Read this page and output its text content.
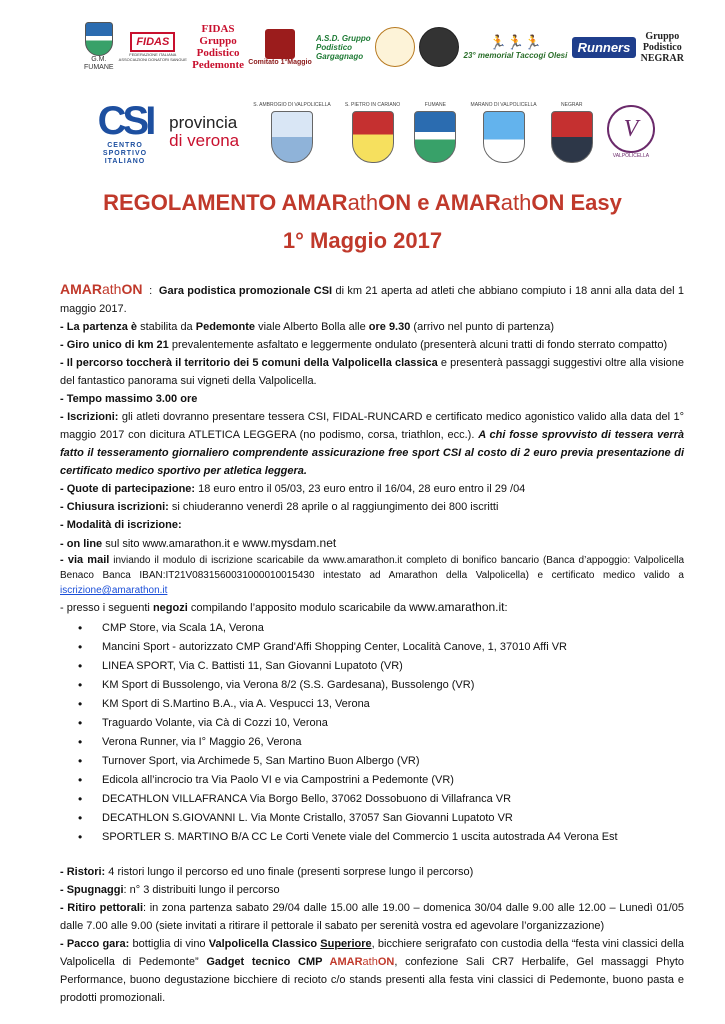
G.M.
FUMANE
FIDAS
FEDERAZIONE ITALIANA ASSOCIAZIONI DONATORI SANGUE
FIDAS
Gruppo
Podistico
Pedemonte Comitato 1°Maggio
A.S.D. Gruppo
Podistico
Gargagnago
🏃🏃🏃
23° memorial Taccogi Olesi
Runners
Gruppo
Podistico
NEGRAR
CSI
CENTRO
SPORTIVO
ITALIANO
provincia
di verona
S. AMBROGIO DI VALPOLICELLA	S. PIETRO IN CARIANO	FUMANE	MARANO DI VALPOLICELLA	NEGRAR
V
VALPOLICELLA
REGOLAMENTO AMARathON e AMARathON Easy
1° Maggio 2017

AMARathON  :  Gara podistica promozionale CSI di km 21 aperta ad atleti che abbiano compiuto i 18 anni alla data del 1 maggio 2017.

- La partenza è stabilita da Pedemonte viale Alberto Bolla alle ore 9.30 (arrivo nel punto di partenza)

- Giro unico di km 21 prevalentemente asfaltato e leggermente ondulato (presenterà alcuni tratti di fondo sterrato compatto)

- Il percorso toccherà il territorio dei 5 comuni della Valpolicella classica e presenterà passaggi suggestivi oltre alla visione del fantastico panorama sui vigneti della Valpolicella.

- Tempo massimo 3.00 ore

- Iscrizioni: gli atleti dovranno presentare tessera CSI, FIDAL-RUNCARD e certificato medico agonistico valido alla data del 1° maggio 2017 con dicitura ATLETICA LEGGERA (no podismo, corsa, triathlon, ecc.). A chi fosse sprovvisto di tessera verrà fatto il tesseramento giornaliero comprendente assicurazione free sport CSI al costo di 2 euro previa presentazione di certificato medico sportivo per atletica leggera.

- Quote di partecipazione: 18 euro entro il 05/03, 23 euro entro il 16/04, 28 euro entro il 29 /04

- Chiusura iscrizioni: si chiuderanno venerdì 28 aprile o al raggiungimento dei 800 iscritti

- Modalità di iscrizione:

- on line sul sito www.amarathon.it e www.mysdam.net

- via mail inviando il modulo di iscrizione scaricabile da www.amarathon.it completo di bonifico bancario (Banca d’appoggio: Valpolicella Benaco Banca IBAN:IT21V0831560031000010015430 intestato ad Amarathon della Valpolicella) e certificato medico valido a iscrizione@amarathon.it

- presso i seguenti negozi compilando l’apposito modulo scaricabile da www.amarathon.it:

• CMP Store, via Scala 1A, Verona
• Mancini Sport - autorizzato CMP Grand'Affi Shopping Center, Località Canove, 1, 37010 Affi VR
• LINEA SPORT, Via C. Battisti 11, San Giovanni Lupatoto (VR)
• KM Sport di Bussolengo, via Verona 8/2 (S.S. Gardesana), Bussolengo (VR)
• KM Sport di S.Martino B.A., via A. Vespucci 13, Verona
• Traguardo Volante, via Cà di Cozzi 10, Verona
• Verona Runner, via I° Maggio 26, Verona
• Turnover Sport, via Archimede 5, San Martino Buon Albergo (VR)
• Edicola all’incrocio tra Via Paolo VI e via Campostrini a Pedemonte (VR)
• DECATHLON VILLAFRANCA Via Borgo Bello, 37062 Dossobuono di Villafranca VR
• DECATHLON S.GIOVANNI L. Via Monte Cristallo, 37057 San Giovanni Lupatoto VR
• SPORTLER S. MARTINO B/A CC Le Corti Venete viale del Commercio 1 uscita autostrada A4 Verona Est

- Ristori: 4 ristori lungo il percorso ed uno finale (presenti sorprese lungo il percorso)

- Spugnaggi: n° 3 distribuiti lungo il percorso

- Ritiro pettorali: in zona partenza sabato 29/04 dalle 15.00 alle 19.00 – domenica 30/04 dalle 9.00 alle 12.00 – Lunedì 01/05 dalle 7.00 alle 9.00 (siete invitati a ritirare il pettorale il sabato per serenità vostra ed agevolare l’organizzazione)

- Pacco gara: bottiglia di vino Valpolicella Classico Superiore, bicchiere serigrafato con custodia della “festa vini classici della Valpolicella di Pedemonte” Gadget tecnico CMP AMARathON, confezione Sali CR7 Herbalife, Gel massaggi Phyto Performance, buono degustazione bicchiere di recioto c/o stands presenti alla festa vini classici di Pedemonte, buono pasta e prodotti promozionali.
